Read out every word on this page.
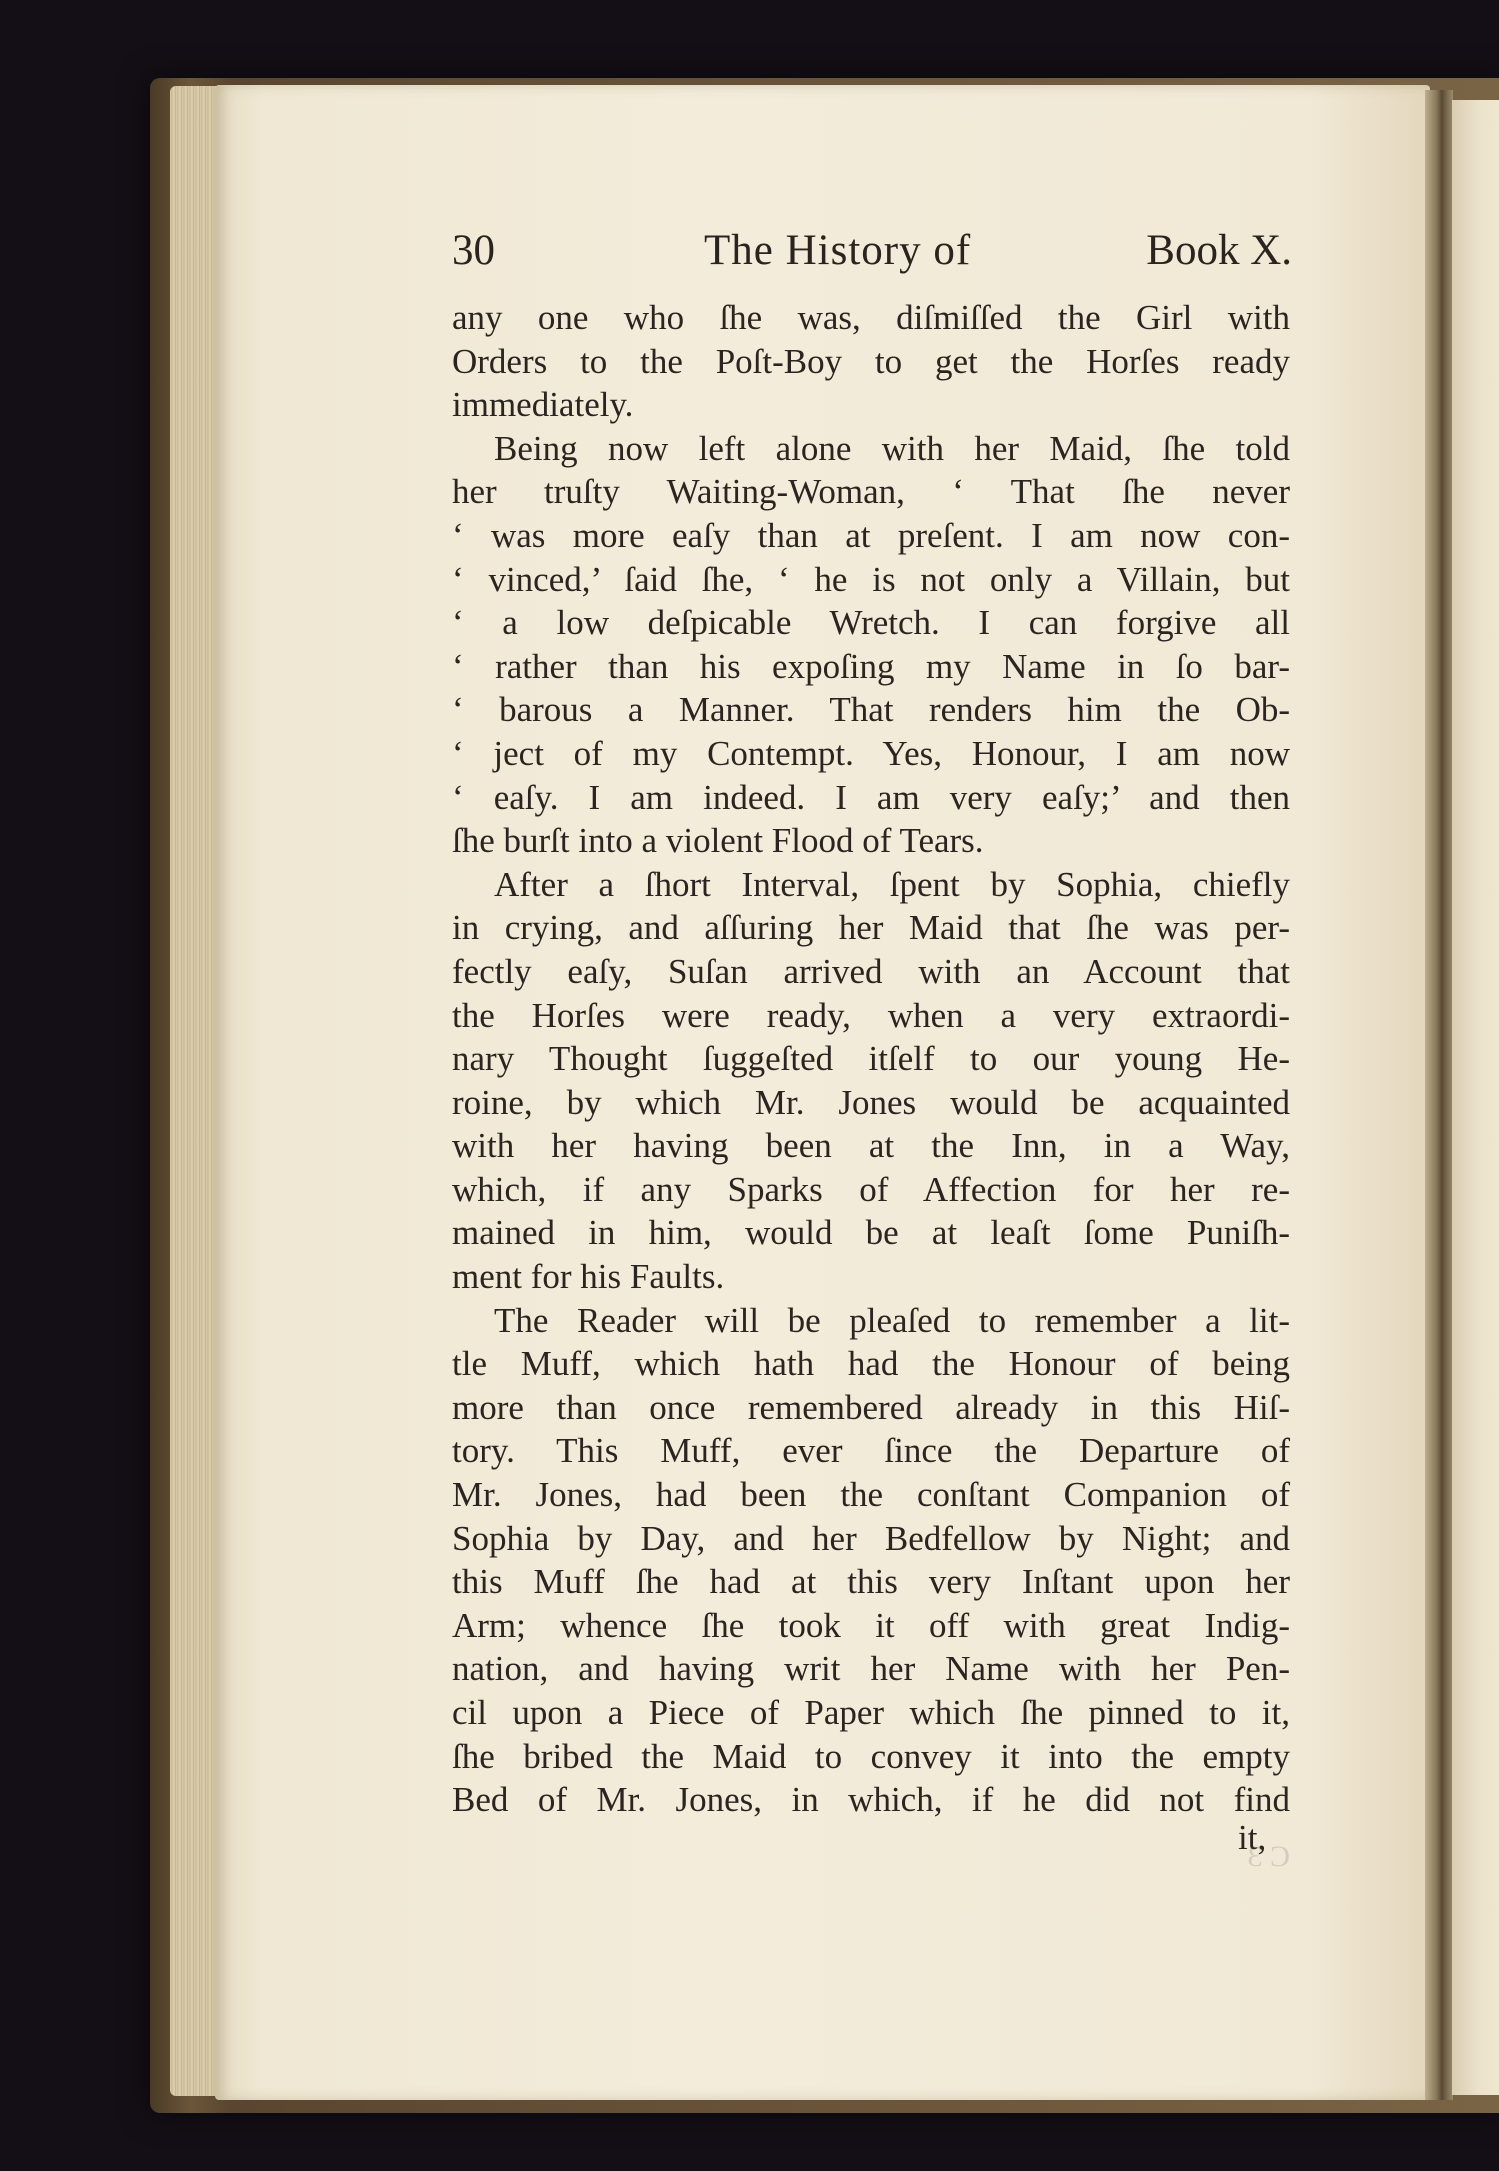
30	The History of	Book X.
any one who ſhe was, diſmiſſed the Girl with
Orders to the Poſt-Boy to get the Horſes ready
immediately.
Being now left alone with her Maid, ſhe told
her truſty Waiting-Woman, ‘ That ſhe never
‘ was more eaſy than at preſent. I am now con-
‘ vinced,’ ſaid ſhe, ‘ he is not only a Villain, but
‘ a low deſpicable Wretch. I can forgive all
‘ rather than his expoſing my Name in ſo bar-
‘ barous a Manner. That renders him the Ob-
‘ ject of my Contempt. Yes, Honour, I am now
‘ eaſy. I am indeed. I am very eaſy;’ and then
ſhe burſt into a violent Flood of Tears.
After a ſhort Interval, ſpent by Sophia, chiefly
in crying, and aſſuring her Maid that ſhe was per-
fectly eaſy, Suſan arrived with an Account that
the Horſes were ready, when a very extraordi-
nary Thought ſuggeſted itſelf to our young He-
roine, by which Mr. Jones would be acquainted
with her having been at the Inn, in a Way,
which, if any Sparks of Affection for her re-
mained in him, would be at leaſt ſome Puniſh-
ment for his Faults.
The Reader will be pleaſed to remember a lit-
tle Muff, which hath had the Honour of being
more than once remembered already in this Hiſ-
tory. This Muff, ever ſince the Departure of
Mr. Jones, had been the conſtant Companion of
Sophia by Day, and her Bedfellow by Night; and
this Muff ſhe had at this very Inſtant upon her
Arm; whence ſhe took it off with great Indig-
nation, and having writ her Name with her Pen-
cil upon a Piece of Paper which ſhe pinned to it,
ſhe bribed the Maid to convey it into the empty
Bed of Mr. Jones, in which, if he did not find
it,
C 3
